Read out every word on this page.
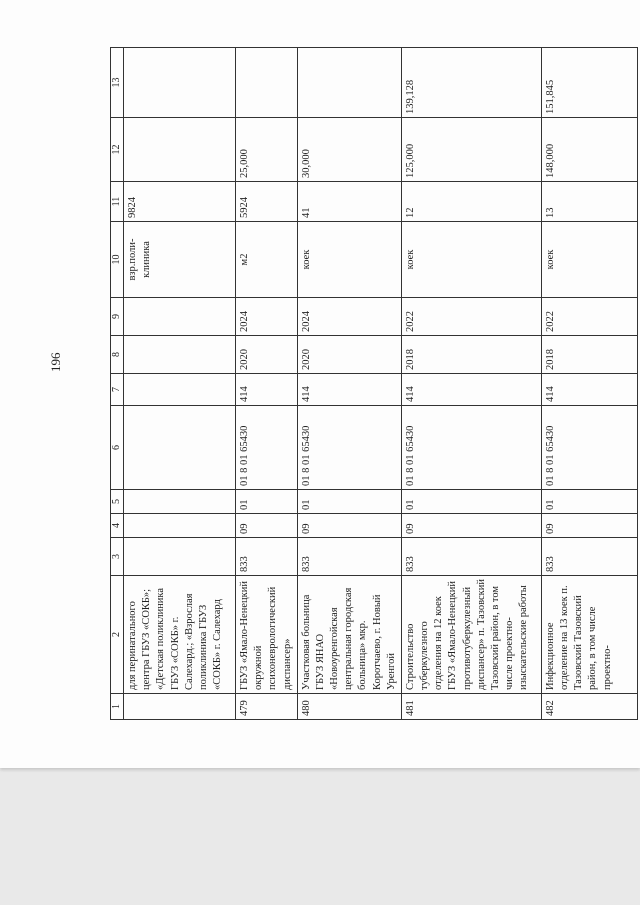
196
1	2	3	4	5	6	7	8	9	10	11	12	13
	для перинатального центра ГБУЗ «СОКБ»; «Детская поликлиника ГБУЗ «СОКБ» г. Салехард.; «Взрослая поликлиника ГБУЗ «СОКБ» г. Салехард								взр.поли-клиника	9824		
479	ГБУЗ «Ямало-Ненецкий окружной психоневрологический диспансер»	833	09	01	01 8 01 65430	414	2020	2024	м2	5924	25,000	
480	Участковая больница ГБУЗ ЯНАО «Новоуренгойская центральная городская больница» мкр. Коротчаево, г. Новый Уренгой	833	09	01	01 8 01 65430	414	2020	2024	коек	41	30,000	
481	Строительство туберкулезного отделения на 12 коек ГБУЗ «Ямало-Ненецкий противотуберкулезный диспансер» п. Тазовский Тазовский район, в том числе проектно-изыскательские работы	833	09	01	01 8 01 65430	414	2018	2022	коек	12	125,000	139,128
482	Инфекционное отделение на 13 коек п. Тазовский Тазовский район, в том числе проектно-	833	09	01	01 8 01 65430	414	2018	2022	коек	13	148,000	151,845
